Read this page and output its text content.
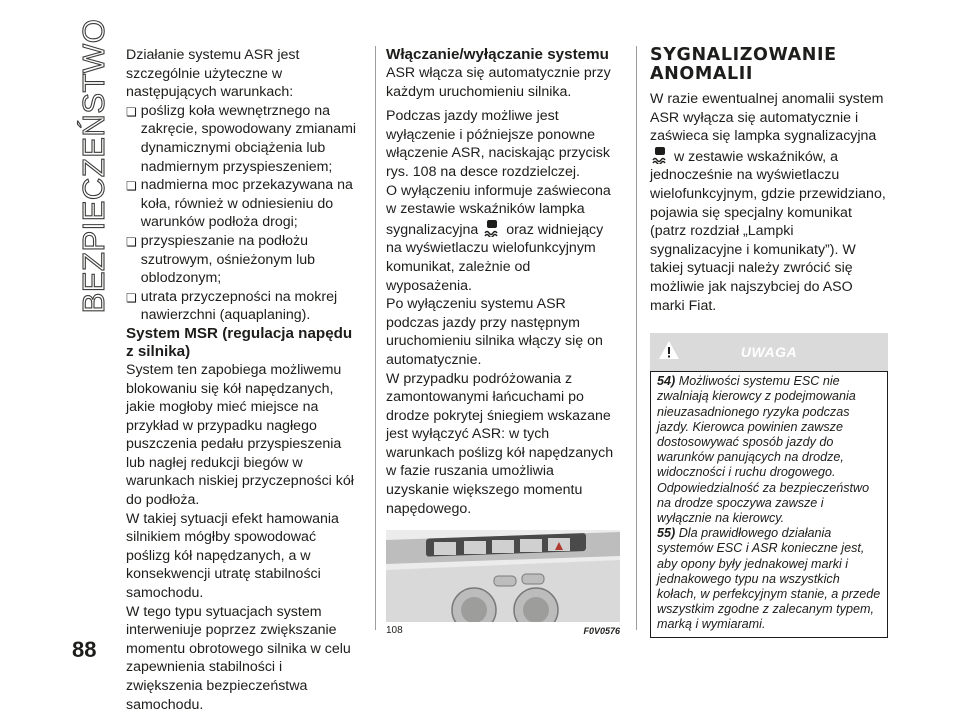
BEZPIECZEŃSTWO
88

Działanie systemu ASR jest szczególnie użyteczne w następujących warunkach:

❏ poślizg koła wewnętrznego na zakręcie, spowodowany zmianami dynamicznymi obciążenia lub nadmiernym przyspieszeniem;
❏ nadmierna moc przekazywana na koła, również w odniesieniu do warunków podłoża drogi;
❏ przyspieszanie na podłożu szutrowym, ośnieżonym lub oblodzonym;
❏ utrata przyczepności na mokrej nawierzchni (aquaplaning).
System MSR (regulacja napędu z silnika)

System ten zapobiega możliwemu blokowaniu się kół napędzanych, jakie mogłoby mieć miejsce na przykład w przypadku nagłego puszczenia pedału przyspieszenia lub nagłej redukcji biegów w warunkach niskiej przyczepności kół do podłoża.

W takiej sytuacji efekt hamowania silnikiem mógłby spowodować poślizg kół napędzanych, a w konsekwencji utratę stabilności samochodu.

W tego typu sytuacjach system interweniuje poprzez zwiększanie momentu obrotowego silnika w celu zapewnienia stabilności i zwiększenia bezpieczeństwa samochodu.

Włączanie/wyłączanie systemu

ASR włącza się automatycznie przy każdym uruchomieniu silnika.

Podczas jazdy możliwe jest wyłączenie i późniejsze ponowne włączenie ASR, naciskając przycisk rys. 108 na desce rozdzielczej.

O wyłączeniu informuje zaświecona w zestawie wskaźników lampka sygnalizacyjna oraz widniejący na wyświetlaczu wielofunkcyjnym komunikat, zależnie od wyposażenia.

Po wyłączeniu systemu ASR podczas jazdy przy następnym uruchomieniu silnika włączy się on automatycznie.

W przypadku podróżowania z zamontowanymi łańcuchami po drodze pokrytej śniegiem wskazane jest wyłączyć ASR: w tych warunkach poślizg kół napędzanych w fazie ruszania umożliwia uzyskanie większego momentu napędowego.

108	F0V0576
SYGNALIZOWANIE ANOMALII

W razie ewentualnej anomalii system ASR wyłącza się automatycznie i zaświeca się lampka sygnalizacyjna  w zestawie wskaźników, a jednocześnie na wyświetlaczu wielofunkcyjnym, gdzie przewidziano, pojawia się specjalny komunikat (patrz rozdział „Lampki sygnalizacyjne i komunikaty”). W takiej sytuacji należy zwrócić się możliwie jak najszybciej do ASO marki Fiat.

UWAGA

54) Możliwości systemu ESC nie zwalniają kierowcy z podejmowania nieuzasadnionego ryzyka podczas jazdy. Kierowca powinien zawsze dostosowywać sposób jazdy do warunków panujących na drodze, widoczności i ruchu drogowego. Odpowiedzialność za bezpieczeństwo na drodze spoczywa zawsze i wyłącznie na kierowcy.

55) Dla prawidłowego działania systemów ESC i ASR konieczne jest, aby opony były jednakowej marki i jednakowego typu na wszystkich kołach, w perfekcyjnym stanie, a przede wszystkim zgodne z zalecanym typem, marką i wymiarami.
